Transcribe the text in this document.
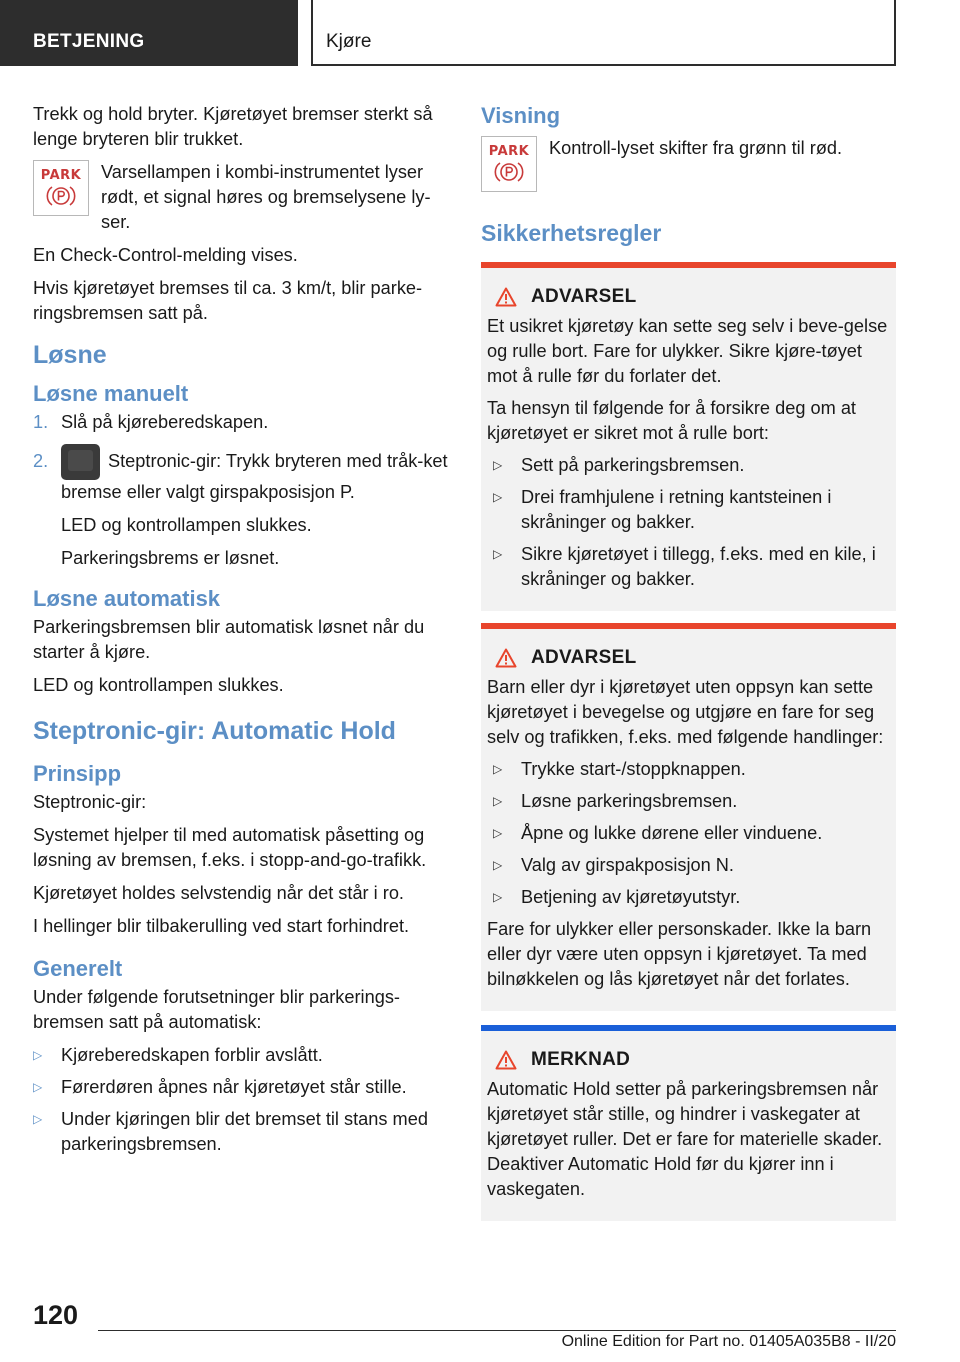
BETJENING	Kjøre

Trekk og hold bryter. Kjøretøyet bremser sterkt så lenge bryteren blir trukket.

PARK Varsellampen i kombi-instrumentet lyser rødt, et signal høres og bremselysene ly-ser.

En Check-Control-melding vises.

Hvis kjøretøyet bremses til ca. 3 km/t, blir parke-ringsbremsen satt på.

Løsne
Løsne manuelt
1. Slå på kjøreberedskapen.
2.	Steptronic-gir: Trykk bryteren med tråk-ket bremse eller valgt girspakposisjon P.

LED og kontrollampen slukkes.

Parkeringsbrems er løsnet.

Løsne automatisk

Parkeringsbremsen blir automatisk løsnet når du starter å kjøre.

LED og kontrollampen slukkes.

Steptronic-gir: Automatic Hold
Prinsipp

Steptronic-gir:

Systemet hjelper til med automatisk påsetting og løsning av bremsen, f.eks. i stopp-and-go-trafikk.

Kjøretøyet holdes selvstendig når det står i ro.

I hellinger blir tilbakerulling ved start forhindret.

Generelt

Under følgende forutsetninger blir parkerings-bremsen satt på automatisk:

▷	Kjøreberedskapen forblir avslått.
▷	Førerdøren åpnes når kjøretøyet står stille.
▷	Under kjøringen blir det bremset til stans med parkeringsbremsen.
Visning
PARK Kontroll-lyset skifter fra grønn til rød.

Sikkerhetsregler
ADVARSEL

Et usikret kjøretøy kan sette seg selv i beve-gelse og rulle bort. Fare for ulykker. Sikre kjøre-tøyet mot å rulle før du forlater det.

Ta hensyn til følgende for å forsikre deg om at kjøretøyet er sikret mot å rulle bort:

▷	Sett på parkeringsbremsen.
▷	Drei framhjulene i retning kantsteinen i skråninger og bakker.
▷	Sikre kjøretøyet i tillegg, f.eks. med en kile, i skråninger og bakker.
ADVARSEL

Barn eller dyr i kjøretøyet uten oppsyn kan sette kjøretøyet i bevegelse og utgjøre en fare for seg selv og trafikken, f.eks. med følgende handlinger:

▷	Trykke start-/stoppknappen.
▷	Løsne parkeringsbremsen.
▷	Åpne og lukke dørene eller vinduene.
▷	Valg av girspakposisjon N.
▷	Betjening av kjøretøyutstyr.

Fare for ulykker eller personskader. Ikke la barn eller dyr være uten oppsyn i kjøretøyet. Ta med bilnøkkelen og lås kjøretøyet når det forlates.

MERKNAD

Automatic Hold setter på parkeringsbremsen når kjøretøyet står stille, og hindrer i vaskegater at kjøretøyet ruller. Det er fare for materielle skader. Deaktiver Automatic Hold før du kjører inn i vaskegaten.

120
Online Edition for Part no. 01405A035B8 - II/20
